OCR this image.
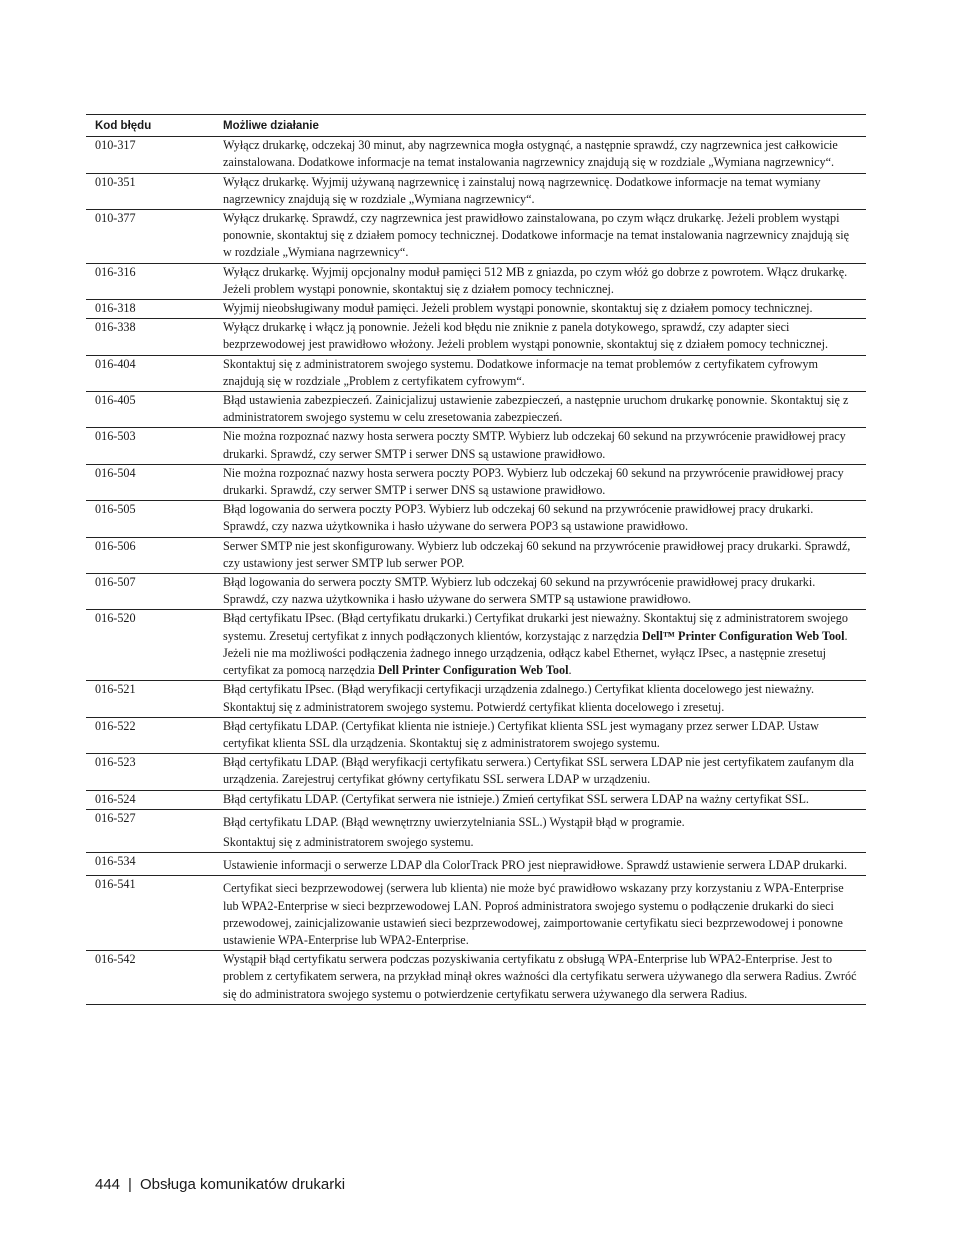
Kod błędu	Możliwe działanie
010-317	Wyłącz drukarkę, odczekaj 30 minut, aby nagrzewnica mogła ostygnąć, a następnie sprawdź, czy nagrzewnica jest całkowicie zainstalowana. Dodatkowe informacje na temat instalowania nagrzewnicy znajdują się w rozdziale „Wymiana nagrzewnicy“.
010-351	Wyłącz drukarkę. Wyjmij używaną nagrzewnicę i zainstaluj nową nagrzewnicę. Dodatkowe informacje na temat wymiany nagrzewnicy znajdują się w rozdziale „Wymiana nagrzewnicy“.
010-377	Wyłącz drukarkę. Sprawdź, czy nagrzewnica jest prawidłowo zainstalowana, po czym włącz drukarkę. Jeżeli problem wystąpi ponownie, skontaktuj się z działem pomocy technicznej. Dodatkowe informacje na temat instalowania nagrzewnicy znajdują się w rozdziale „Wymiana nagrzewnicy“.
016-316	Wyłącz drukarkę. Wyjmij opcjonalny moduł pamięci 512 MB z gniazda, po czym włóż go dobrze z powrotem. Włącz drukarkę. Jeżeli problem wystąpi ponownie, skontaktuj się z działem pomocy technicznej.
016-318	Wyjmij nieobsługiwany moduł pamięci. Jeżeli problem wystąpi ponownie, skontaktuj się z działem pomocy technicznej.
016-338	Wyłącz drukarkę i włącz ją ponownie. Jeżeli kod błędu nie zniknie z panela dotykowego, sprawdź, czy adapter sieci bezprzewodowej jest prawidłowo włożony. Jeżeli problem wystąpi ponownie, skontaktuj się z działem pomocy technicznej.
016-404	Skontaktuj się z administratorem swojego systemu. Dodatkowe informacje na temat problemów z certyfikatem cyfrowym znajdują się w rozdziale „Problem z certyfikatem cyfrowym“.
016-405	Błąd ustawienia zabezpieczeń. Zainicjalizuj ustawienie zabezpieczeń, a następnie uruchom drukarkę ponownie. Skontaktuj się z administratorem swojego systemu w celu zresetowania zabezpieczeń.
016-503	Nie można rozpoznać nazwy hosta serwera poczty SMTP. Wybierz lub odczekaj 60 sekund na przywrócenie prawidłowej pracy drukarki. Sprawdź, czy serwer SMTP i serwer DNS są ustawione prawidłowo.
016-504	Nie można rozpoznać nazwy hosta serwera poczty POP3. Wybierz lub odczekaj 60 sekund na przywrócenie prawidłowej pracy drukarki. Sprawdź, czy serwer SMTP i serwer DNS są ustawione prawidłowo.
016-505	Błąd logowania do serwera poczty POP3. Wybierz lub odczekaj 60 sekund na przywrócenie prawidłowej pracy drukarki. Sprawdź, czy nazwa użytkownika i hasło używane do serwera POP3 są ustawione prawidłowo.
016-506	Serwer SMTP nie jest skonfigurowany. Wybierz lub odczekaj 60 sekund na przywrócenie prawidłowej pracy drukarki. Sprawdź, czy ustawiony jest serwer SMTP lub serwer POP.
016-507	Błąd logowania do serwera poczty SMTP. Wybierz lub odczekaj 60 sekund na przywrócenie prawidłowej pracy drukarki. Sprawdź, czy nazwa użytkownika i hasło używane do serwera SMTP są ustawione prawidłowo.
016-520	Błąd certyfikatu IPsec. (Błąd certyfikatu drukarki.) Certyfikat drukarki jest nieważny. Skontaktuj się z administratorem swojego systemu. Zresetuj certyfikat z innych podłączonych klientów, korzystając z narzędzia Dell™ Printer Configuration Web Tool. Jeżeli nie ma możliwości podłączenia żadnego innego urządzenia, odłącz kabel Ethernet, wyłącz IPsec, a następnie zresetuj certyfikat za pomocą narzędzia Dell Printer Configuration Web Tool.
016-521	Błąd certyfikatu IPsec. (Błąd weryfikacji certyfikacji urządzenia zdalnego.) Certyfikat klienta docelowego jest nieważny. Skontaktuj się z administratorem swojego systemu. Potwierdź certyfikat klienta docelowego i zresetuj.
016-522	Błąd certyfikatu LDAP. (Certyfikat klienta nie istnieje.) Certyfikat klienta SSL jest wymagany przez serwer LDAP. Ustaw certyfikat klienta SSL dla urządzenia. Skontaktuj się z administratorem swojego systemu.
016-523	Błąd certyfikatu LDAP. (Błąd weryfikacji certyfikatu serwera.) Certyfikat SSL serwera LDAP nie jest certyfikatem zaufanym dla urządzenia. Zarejestruj certyfikat główny certyfikatu SSL serwera LDAP w urządzeniu.
016-524	Błąd certyfikatu LDAP. (Certyfikat serwera nie istnieje.) Zmień certyfikat SSL serwera LDAP na ważny certyfikat SSL.
016-527	Błąd certyfikatu LDAP. (Błąd wewnętrzny uwierzytelniania SSL.) Wystąpił błąd w programie.

Skontaktuj się z administratorem swojego systemu.

016-534	Ustawienie informacji o serwerze LDAP dla ColorTrack PRO jest nieprawidłowe. Sprawdź ustawienie serwera LDAP drukarki.
016-541	Certyfikat sieci bezprzewodowej (serwera lub klienta) nie może być prawidłowo wskazany przy korzystaniu z WPA-Enterprise lub WPA2-Enterprise w sieci bezprzewodowej LAN. Poproś administratora swojego systemu o podłączenie drukarki do sieci przewodowej, zainicjalizowanie ustawień sieci bezprzewodowej, zaimportowanie certyfikatu sieci bezprzewodowej i ponowne ustawienie WPA-Enterprise lub WPA2-Enterprise.
016-542	Wystąpił błąd certyfikatu serwera podczas pozyskiwania certyfikatu z obsługą WPA-Enterprise lub WPA2-Enterprise. Jest to problem z certyfikatem serwera, na przykład minął okres ważności dla certyfikatu serwera używanego dla serwera Radius. Zwróć się do administratora swojego systemu o potwierdzenie certyfikatu serwera używanego dla serwera Radius.
444 | Obsługa komunikatów drukarki
